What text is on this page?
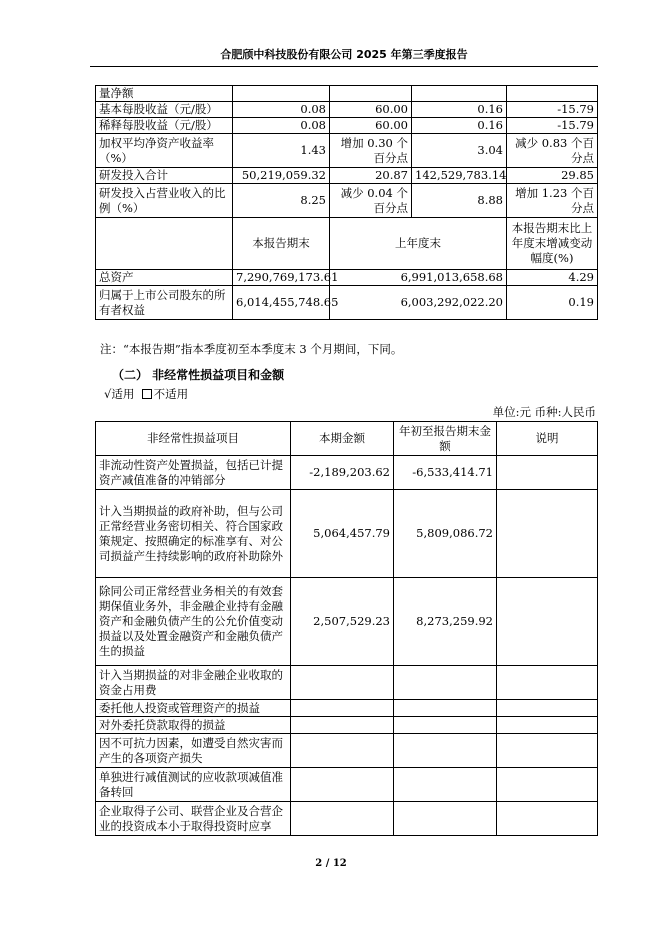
合肥颀中科技股份有限公司 2025 年第三季度报告
量净额				
基本每股收益（元/股）	0.08	60.00	0.16	-15.79
稀释每股收益（元/股）	0.08	60.00	0.16	-15.79
加权平均净资产收益率（%）	1.43	增加 0.30 个百分点	3.04	减少 0.83 个百分点
研发投入合计	50,219,059.32	20.87	142,529,783.14	29.85
研发投入占营业收入的比例（%）	8.25	减少 0.04 个百分点	8.88	增加 1.23 个百分点
	本报告期末	上年度末		本报告期末比上年度末增减变动幅度(%)
总资产	7,290,769,173.61	6,991,013,658.68		4.29
归属于上市公司股东的所有者权益	6,014,455,748.65	6,003,292,022.20		0.19
注：“本报告期”指本季度初至本季度末 3 个月期间，下同。
（二） 非经常性损益项目和金额
√适用 不适用
单位:元 币种:人民币
非经常性损益项目	本期金额	年初至报告期末金额	说明
非流动性资产处置损益，包括已计提资产减值准备的冲销部分	-2,189,203.62	-6,533,414.71	
计入当期损益的政府补助，但与公司正常经营业务密切相关、符合国家政策规定、按照确定的标准享有、对公司损益产生持续影响的政府补助除外	5,064,457.79	5,809,086.72	
除同公司正常经营业务相关的有效套期保值业务外，非金融企业持有金融资产和金融负债产生的公允价值变动损益以及处置金融资产和金融负债产生的损益	2,507,529.23	8,273,259.92	
计入当期损益的对非金融企业收取的资金占用费			
委托他人投资或管理资产的损益			
对外委托贷款取得的损益			
因不可抗力因素，如遭受自然灾害而产生的各项资产损失			
单独进行减值测试的应收款项减值准备转回			
企业取得子公司、联营企业及合营企业的投资成本小于取得投资时应享			
2 / 12
